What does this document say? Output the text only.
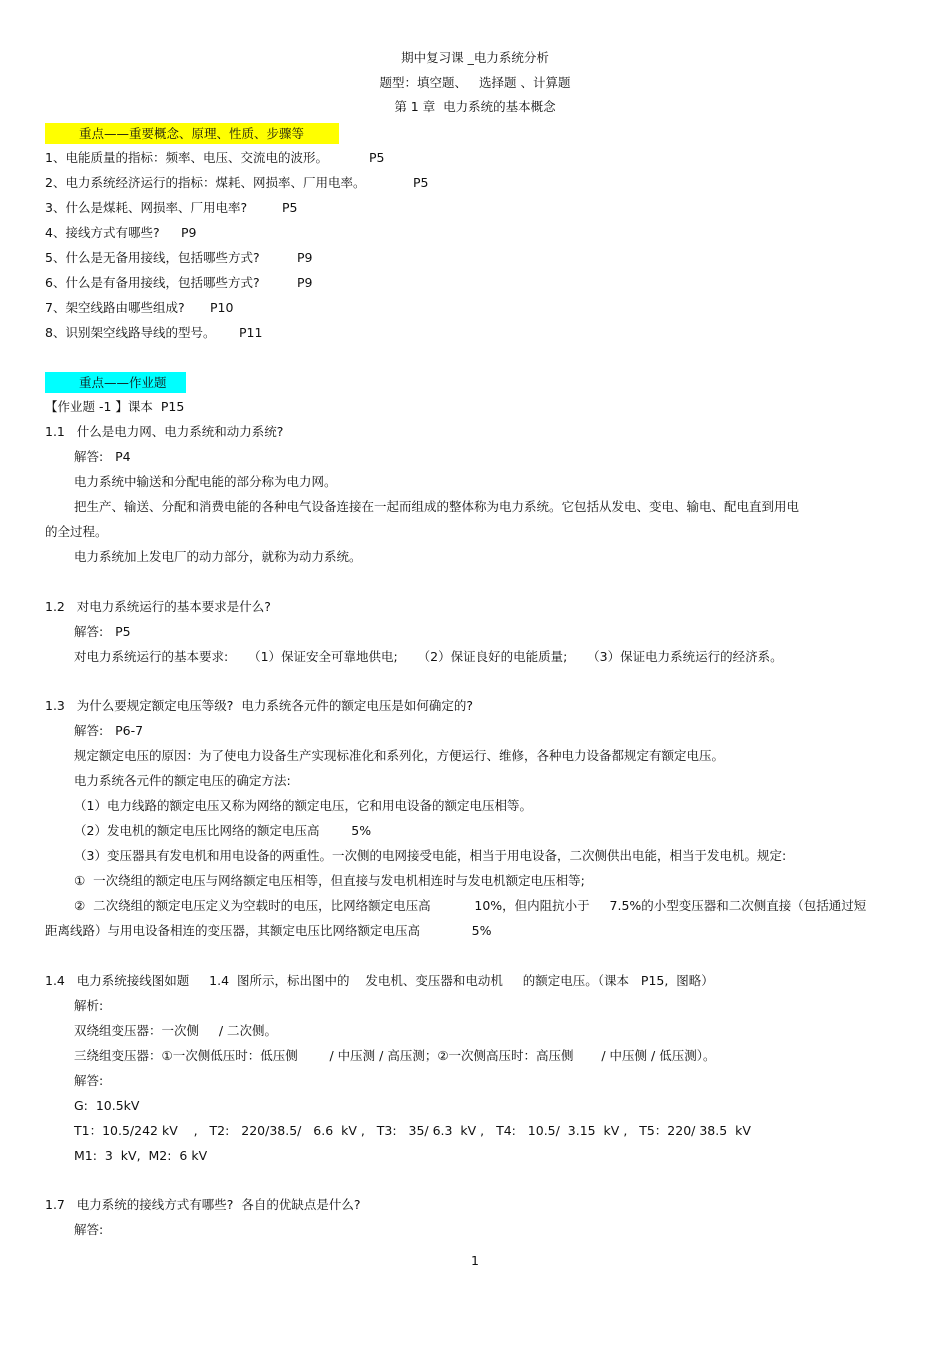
期中复习课 _电力系统分析
题型：填空题、   选择题 、计算题
第 1 章  电力系统的基本概念
重点——重要概念、原理、性质、步骤等
1、电能质量的指标：频率、电压、交流电的波形。	P5
2、电力系统经济运行的指标：煤耗、网损率、厂用电率。	P5
3、什么是煤耗、网损率、厂用电率?	P5
4、接线方式有哪些? P9
5、什么是无备用接线，包括哪些方式?	P9
6、什么是有备用接线，包括哪些方式?	P9
7、架空线路由哪些组成? P10
8、识别架空线路导线的型号。 P11
重点——作业题
【作业题 -1 】课本  P15
1.1   什么是电力网、电力系统和动力系统?
解答:   P4
电力系统中输送和分配电能的部分称为电力网。
把生产、输送、分配和消费电能的各种电气设备连接在一起而组成的整体称为电力系统。它包括从发电、变电、输电、配电直到用电
的全过程。
电力系统加上发电厂的动力部分，就称为动力系统。
1.2   对电力系统运行的基本要求是什么?
解答:   P5
对电力系统运行的基本要求:     （1）保证安全可靠地供电;     （2）保证良好的电能质量;     （3）保证电力系统运行的经济系。
1.3   为什么要规定额定电压等级?  电力系统各元件的额定电压是如何确定的?
解答:   P6-7
规定额定电压的原因：为了使电力设备生产实现标准化和系列化，方便运行、维修，各种电力设备都规定有额定电压。
电力系统各元件的额定电压的确定方法:
（1）电力线路的额定电压又称为网络的额定电压，它和用电设备的额定电压相等。
（2）发电机的额定电压比网络的额定电压高        5%
（3）变压器具有发电机和用电设备的两重性。一次侧的电网接受电能，相当于用电设备，二次侧供出电能，相当于发电机。规定:
①  一次绕组的额定电压与网络额定电压相等，但直接与发电机相连时与发电机额定电压相等;
②  二次绕组的额定电压定义为空载时的电压，比网络额定电压高           10%，但内阻抗小于     7.5%的小型变压器和二次侧直接（包括通过短
距离线路）与用电设备相连的变压器，其额定电压比网络额定电压高             5%
1.4   电力系统接线图如题     1.4  图所示，标出图中的    发电机、变压器和电动机     的额定电压。（课本   P15,  图略）
解析:
双绕组变压器：一次侧     / 二次侧。
三绕组变压器：①一次侧低压时：低压侧        / 中压测 / 高压测；②一次侧高压时：高压侧       / 中压侧 / 低压测）。
解答:
G:  10.5kV
T1：10.5/242 kV    ,   T2:   220/38.5/   6.6  kV ,   T3:   35/ 6.3  kV ,   T4:   10.5/  3.15  kV ,   T5：220/ 38.5  kV
M1:  3  kV,  M2:  6 kV
1.7   电力系统的接线方式有哪些?  各自的优缺点是什么?
解答:
1
